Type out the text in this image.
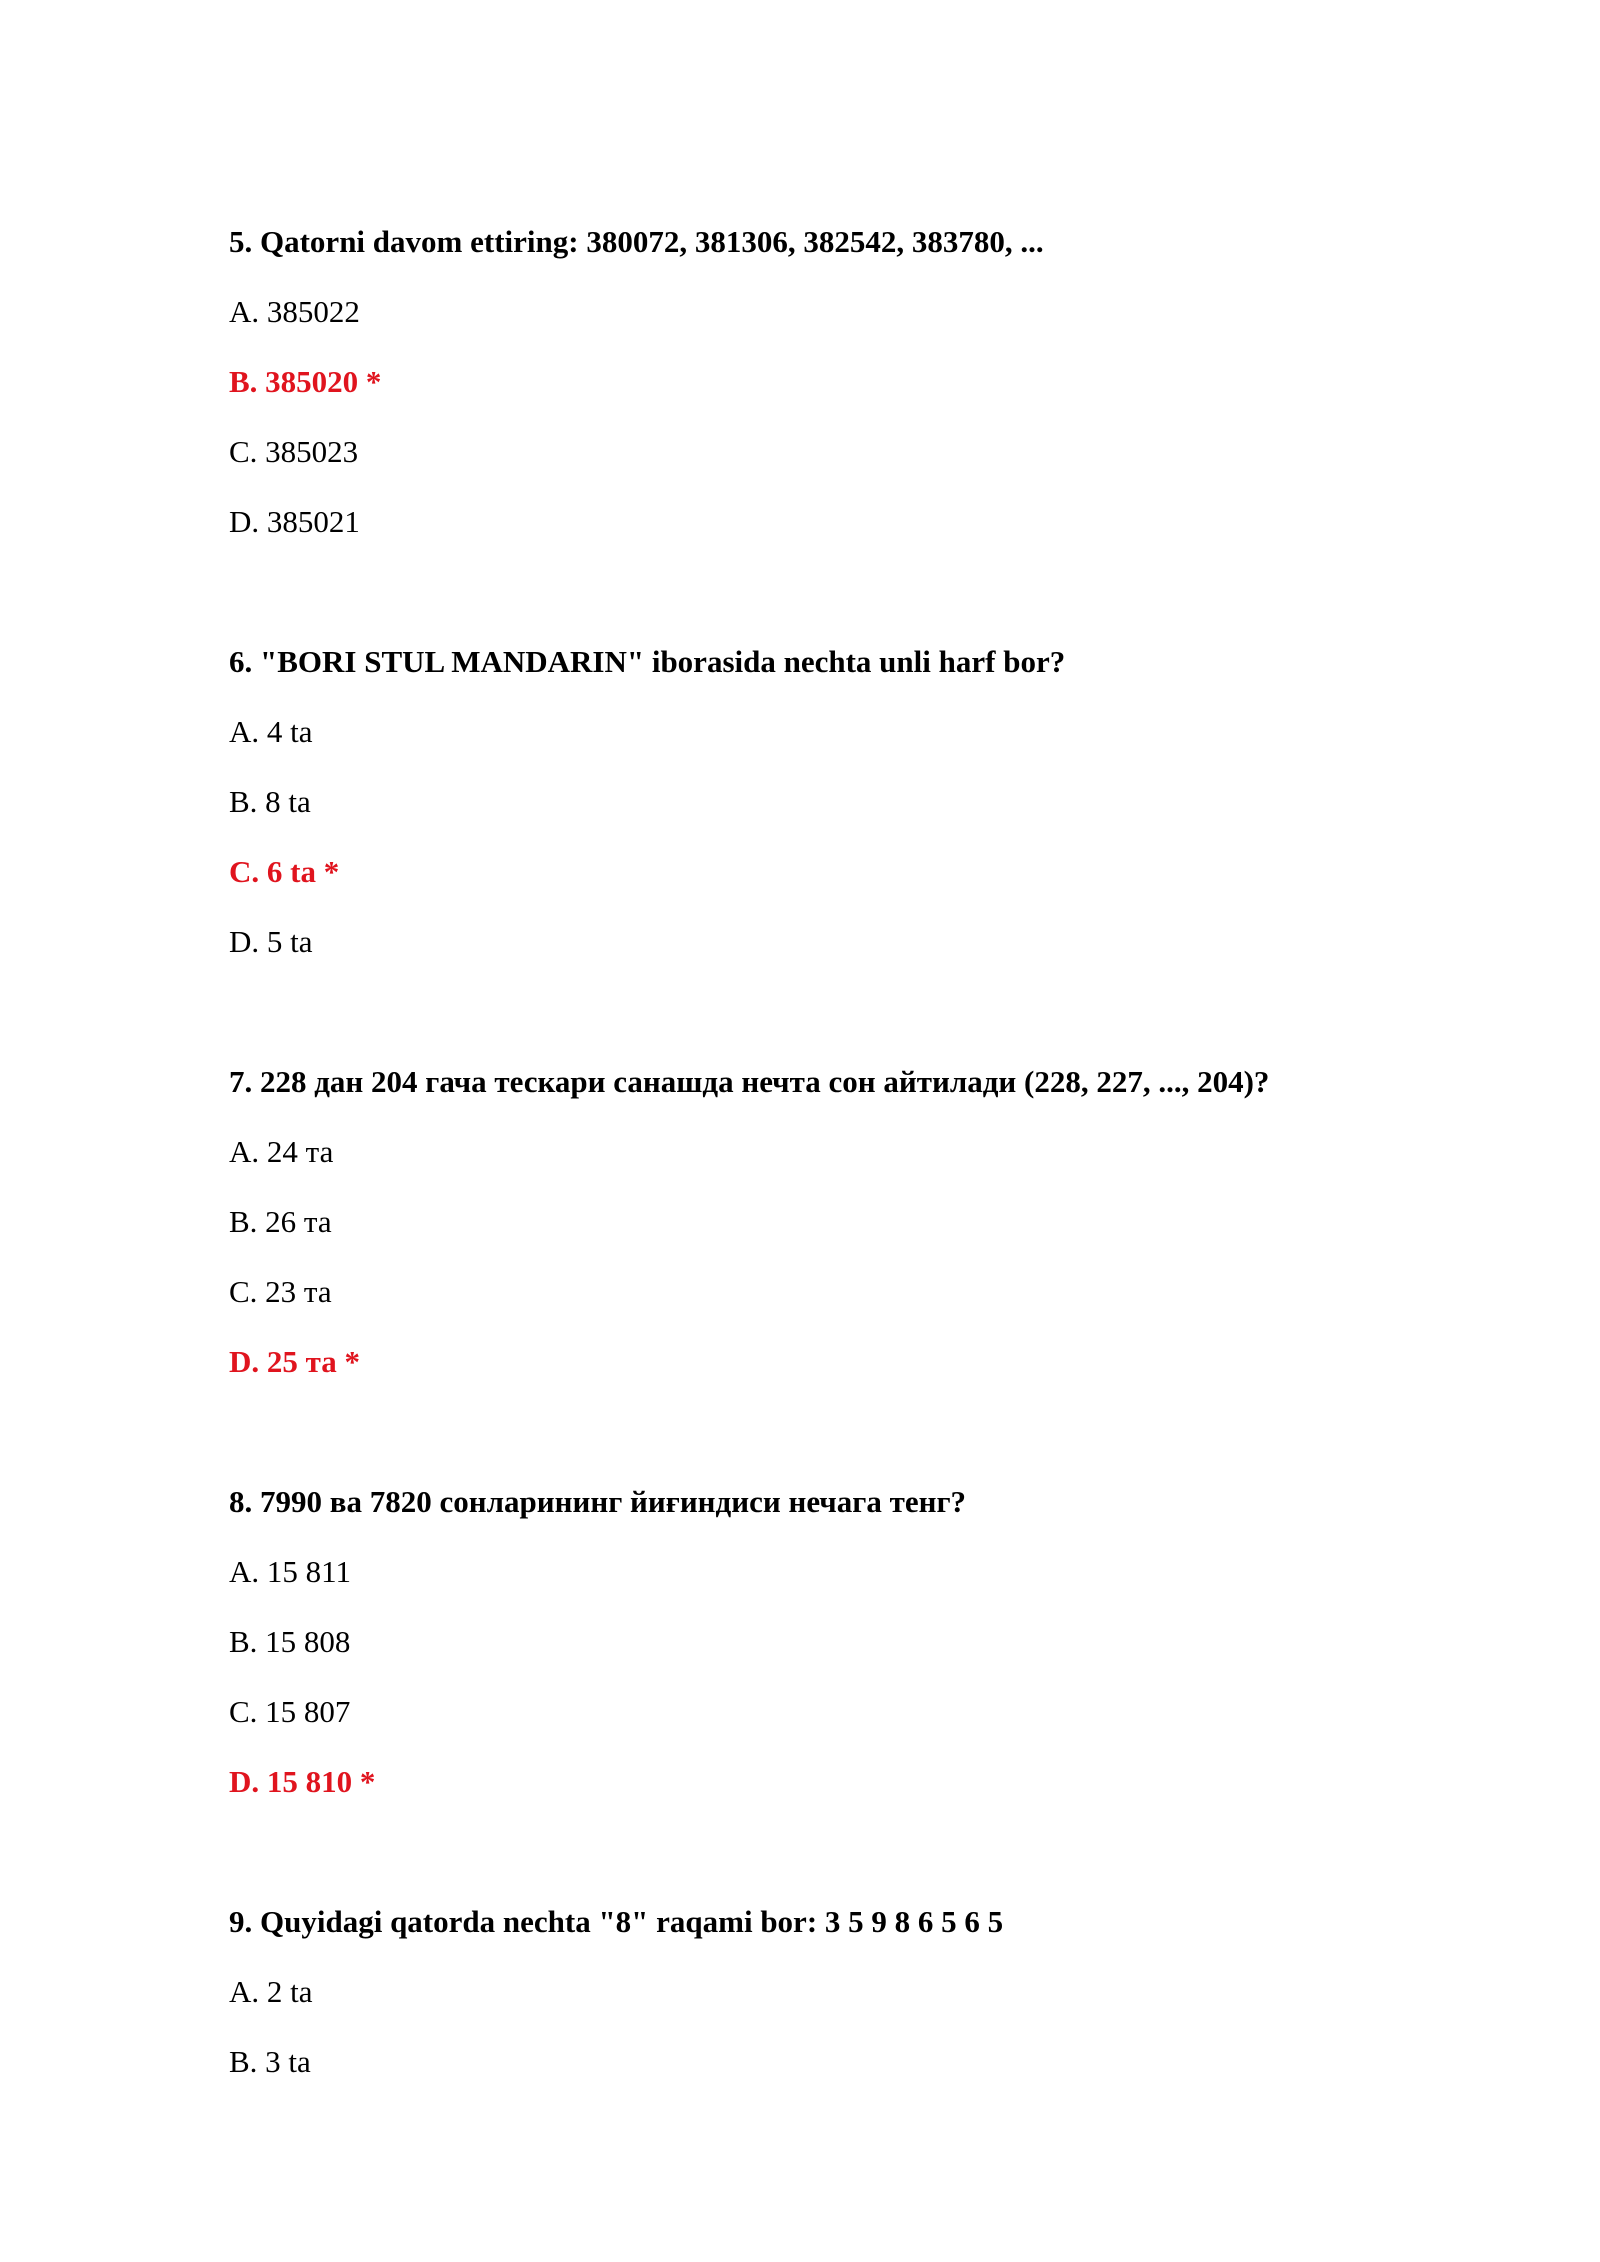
5. Qatorni davom ettiring: 380072, 381306, 382542, 383780, ...

A. 385022

B. 385020 *

C. 385023

D. 385021

6. "BORI STUL MANDARIN" iborasida nechta unli harf bor?

A. 4 ta

B. 8 ta

C. 6 ta *

D. 5 ta

7. 228 дан 204 гача тескари санашда нечта сон айтилади (228, 227, ..., 204)?

A. 24 та

B. 26 та

C. 23 та

D. 25 та *

8. 7990 ва 7820 сонларининг йиғиндиси нечага тенг?

A. 15 811

B. 15 808

C. 15 807

D. 15 810 *

9. Quyidagi qatorda nechta "8" raqami bor: 3 5 9 8 6 5 6 5

A. 2 ta

B. 3 ta
